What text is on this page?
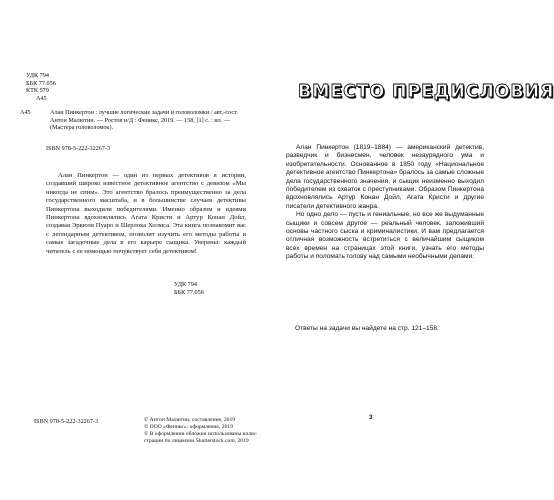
УДК 794
ББК 77.056
КТК 579
А45
А45	Алан Пинкертон : лучшие логические задачи и головоломки / авт.-сост. Антон Малютин. — Ростов н/Д : Феникс, 2019. — 158, [1] с. : ил. — (Мастера головоломок).
ISBN 978-5-222-32267-3
Алан Пинкертон — один из первых детективов в истории, создавший широко известное детективное агентство с девизом «Мы никогда не спим». Это агентство бралось преимущественно за дела государственного масштаба, и в большинстве случаев детективы Пинкертона выходили победителями. Именно образом и идеями Пинкертона вдохновлялись Агата Кристи и Артур Конан Дойл, создавая Эркюля Пуаро и Шерлока Холмса. Эта книга познакомит вас с легендарным детективом, позволит изучить его методы работы и самые загадочные дела в его карьере сыщика. Уверены: каждый читатель с ее помощью почувствует себя детективом!
УДК 794
ББК 77.056
ISBN 978-5-222-32267-3	© Антон Малютин, составление, 2019
© ООО «Феникс»: оформление, 2019
© В оформлении обложки использованы иллю-
страции по лицензии Shutterstock.com, 2019
ВМЕСТО ПРЕДИСЛОВИЯ

Алан Пинкертон (1819–1884) — американский детектив, разведчик и бизнесмен, человек незаурядного ума и изобретательности. Основанное в 1850 году «Национальное детективное агентство Пинкертона» бралось за самые сложные дела государственного значения, и сыщик неизменно выходил победителем из схваток с преступниками. Образом Пинкертона вдохновлялись Артур Конан Дойл, Агата Кристи и другие писатели детективного жанра.

Но одно дело — пусть и гениальные, но все же выдуманные сыщики и совсем другое — реальный человек, заложивший основы частного сыска и криминалистики. И вам предлагается отличная возможность встретиться с величайшим сыщиком всех времен на страницах этой книги, узнать его методы работы и поломать голову над самыми необычными делами.

Ответы на задачи вы найдете на стр. 121–158.
3
